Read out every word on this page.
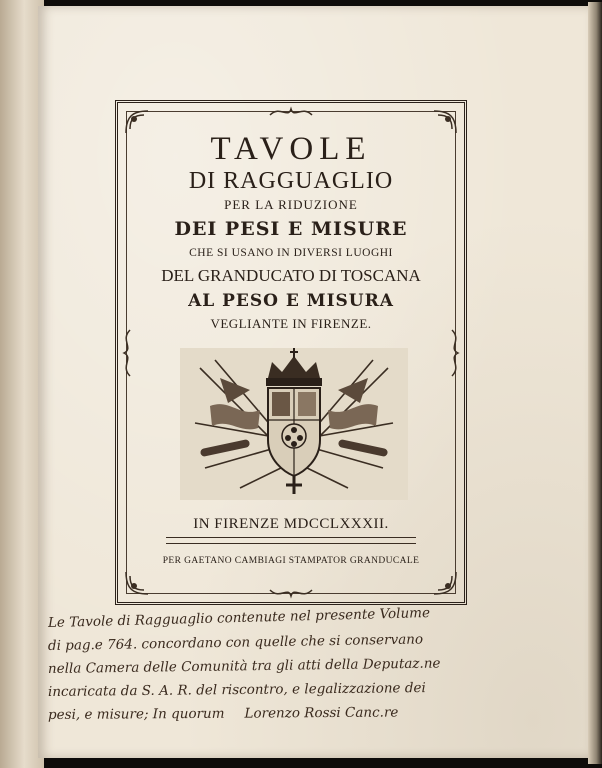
TAVOLE
DI RAGGUAGLIO
PER LA RIDUZIONE
DEI PESI E MISURE
CHE SI USANO IN DIVERSI LUOGHI
DEL GRANDUCATO DI TOSCANA
AL PESO E MISURA
VEGLIANTE IN FIRENZE.
IN FIRENZE MDCCLXXXII.
PER GAETANO CAMBIAGI STAMPATOR GRANDUCALE
Le Tavole di Ragguaglio contenute nel presente Volume
di pag.e 764. concordano con quelle che si conservano
nella Camera delle Comunità tra gli atti della Deputaz.ne
incaricata da S. A. R. del riscontro, e legalizzazione dei
pesi, e misure; In quorum Lorenzo Rossi Canc.re
